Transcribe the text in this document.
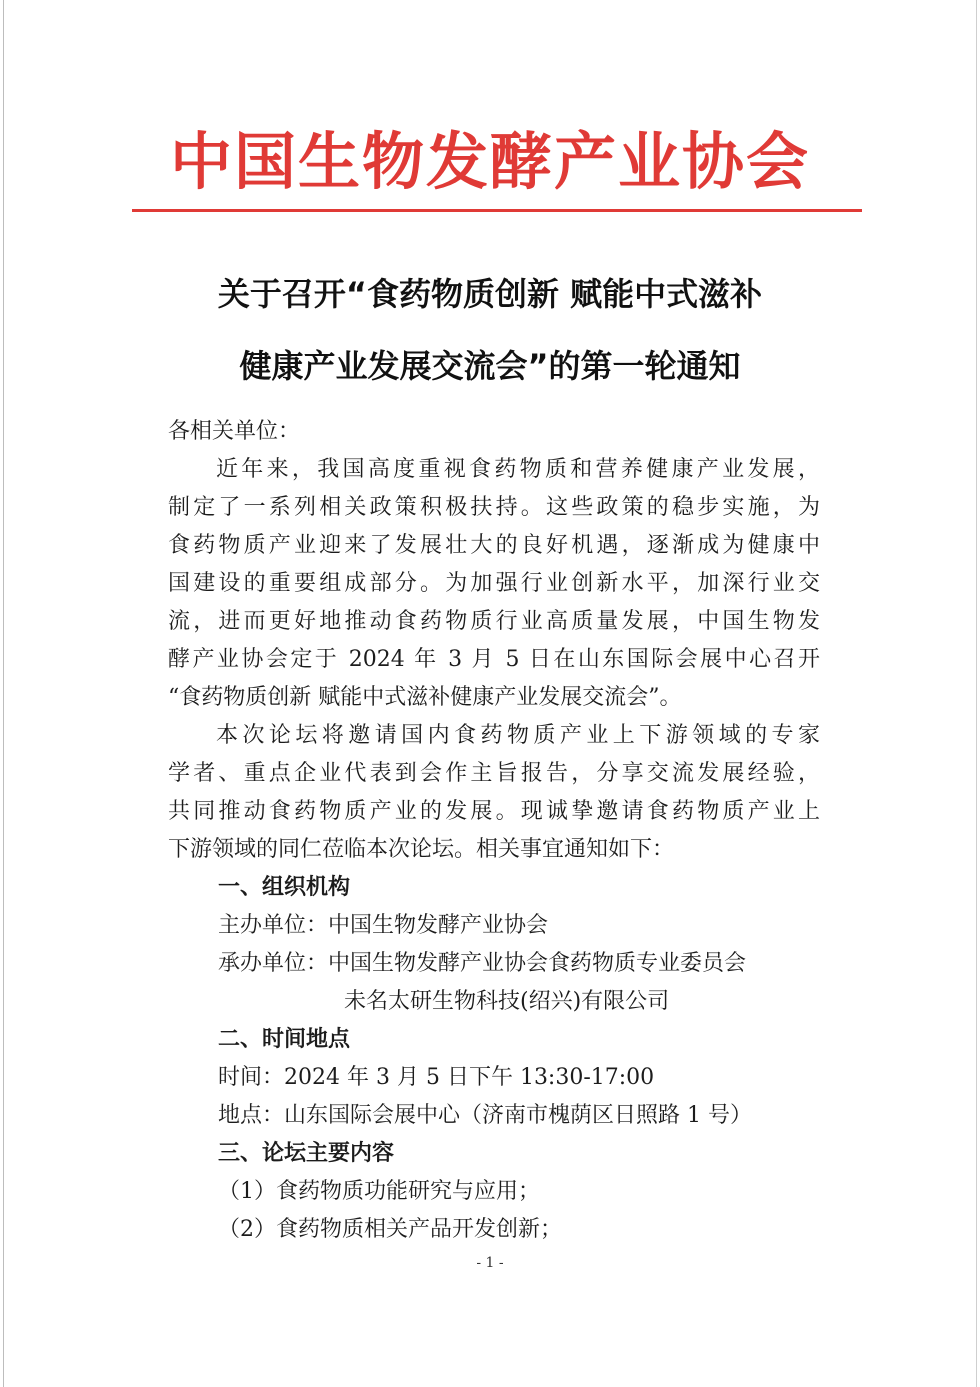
中国生物发酵产业协会
关于召开“食药物质创新 赋能中式滋补
健康产业发展交流会”的第一轮通知
各相关单位：
近年来，我国高度重视食药物质和营养健康产业发展，
制定了一系列相关政策积极扶持。这些政策的稳步实施，为
食药物质产业迎来了发展壮大的良好机遇，逐渐成为健康中
国建设的重要组成部分。为加强行业创新水平，加深行业交
流，进而更好地推动食药物质行业高质量发展，中国生物发
酵产业协会定于 2024 年 3 月 5 日在山东国际会展中心召开
“食药物质创新 赋能中式滋补健康产业发展交流会”。
本次论坛将邀请国内食药物质产业上下游领域的专家
学者、重点企业代表到会作主旨报告，分享交流发展经验，
共同推动食药物质产业的发展。现诚挚邀请食药物质产业上
下游领域的同仁莅临本次论坛。相关事宜通知如下：
一、组织机构
主办单位：中国生物发酵产业协会
承办单位：中国生物发酵产业协会食药物质专业委员会
未名太研生物科技(绍兴)有限公司
二、时间地点
时间：2024 年 3 月 5 日下午 13:30-17:00
地点：山东国际会展中心（济南市槐荫区日照路 1 号）
三、论坛主要内容
（1）食药物质功能研究与应用；
（2）食药物质相关产品开发创新；
- 1 -
